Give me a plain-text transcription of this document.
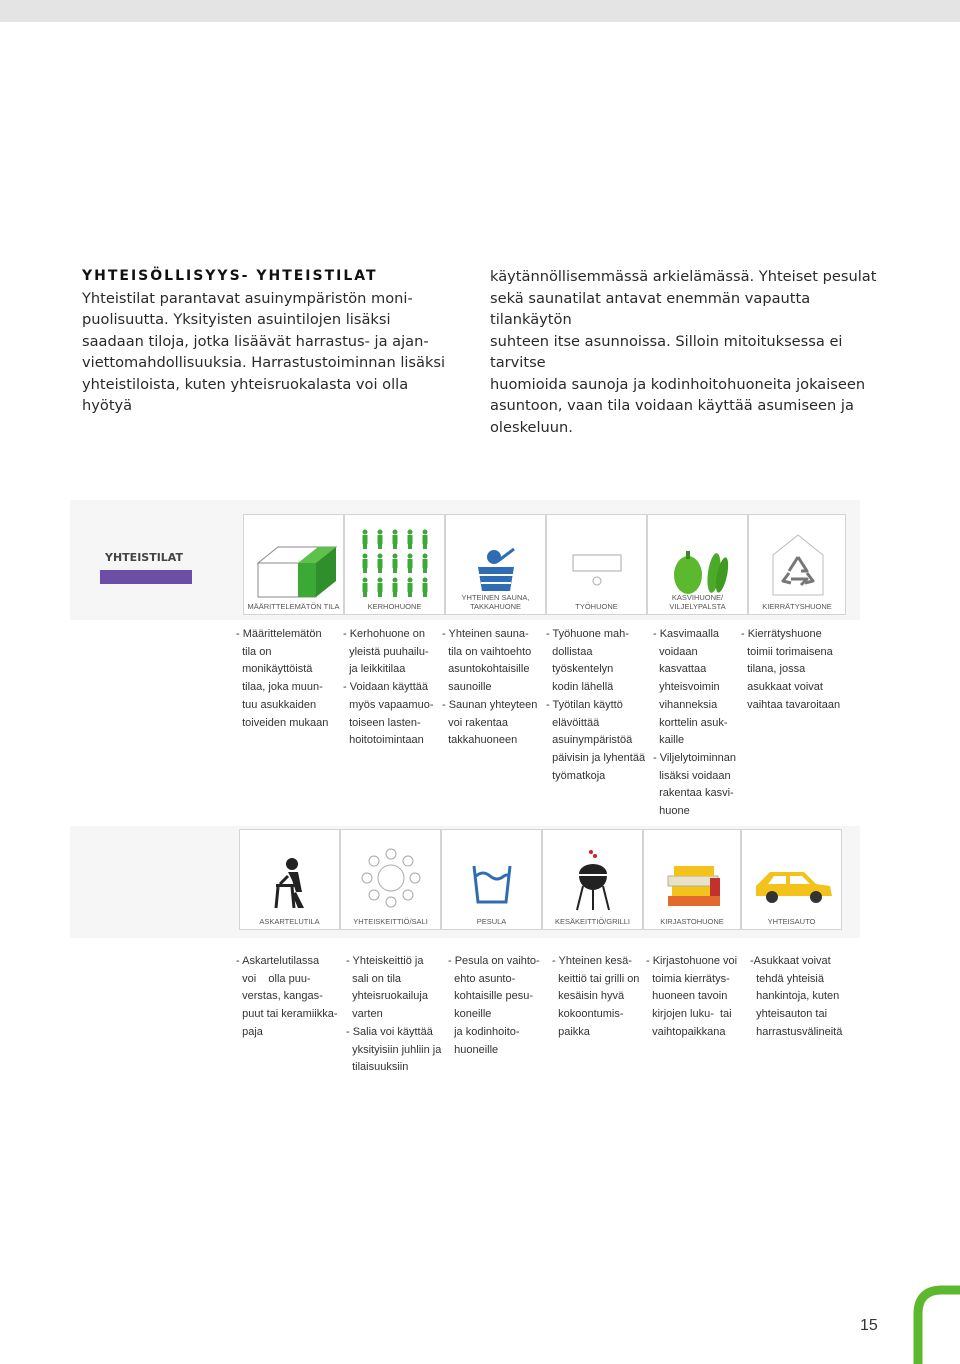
YHTEISÖLLISYYS- YHTEISTILAT

Yhteistilat parantavat asuinympäristön moni-
puolisuutta. Yksityisten asuintilojen lisäksi
saadaan tiloja, jotka lisäävät harrastus- ja ajan-
viettomahdollisuuksia. Harrastustoiminnan lisäksi
yhteistiloista, kuten yhteisruokalasta voi olla hyötyä

käytännöllisemmässä arkielämässä. Yhteiset pesulat
sekä saunatilat antavat enemmän vapautta tilankäytön
suhteen itse asunnoissa. Silloin mitoituksessa ei tarvitse
huomioida saunoja ja kodinhoitohuoneita jokaiseen
asuntoon, vaan tila voidaan käyttää asumiseen ja
oleskeluun.

YHTEISTILAT
MÄÄRITTELEMÄTÖN TILA	KERHOHUONE
YHTEINEN SAUNA,
TAKKAHUONE	TYÖHUONE
KASVIHUONE/
VILJELYPALSTA	KIERRÄTYSHUONE
- Määrittelemätön
tila on
monikäyttöistä
tilaa, joka muun-
tuu asukkaiden
toiveiden mukaan
- Kerhohuone on
yleistä puuhailu-
ja leikkitilaa
- Voidaan käyttää
myös vapaamuo-
toiseen lasten-
hoitotoimintaan
- Yhteinen sauna-
tila on vaihtoehto
asuntokohtaisille
saunoille
- Saunan yhteyteen
voi rakentaa
takkahuoneen
- Työhuone mah-
dollistaa
työskentelyn
kodin lähellä
- Työtilan käyttö
elävöittää
asuinympäristöä
päivisin ja lyhentää
työmatkoja
- Kasvimaalla
voidaan
kasvattaa
yhteisvoimin
vihanneksia
korttelin asuk-
kaille
- Viljelytoiminnan
lisäksi voidaan
rakentaa kasvi-
huone
- Kierrätyshuone
toimii torimaisena
tilana, jossa
asukkaat voivat
vaihtaa tavaroitaan
ASKARTELUTILA	YHTEISKEITTIÖ/SALI	PESULA	KESÄKEITTIÖ/GRILLI	KIRJASTOHUONE	YHTEISAUTO
- Askartelutilassa
voi    olla puu-
verstas, kangas-
puut tai keramiikka-
paja
- Yhteiskeittiö ja
sali on tila
yhteisruokailuja
varten
- Salia voi käyttää
yksityisiin juhliin ja
tilaisuuksiin
- Pesula on vaihto-
ehto asunto-
kohtaisille pesu-
koneille
ja kodinhoito-
huoneille
- Yhteinen kesä-
keittiö tai grilli on
kesäisin hyvä
kokoontumis-
paikka
- Kirjastohuone voi
toimia kierrätys-
huoneen tavoin
kirjojen luku-  tai
vaihtopaikkana
-Asukkaat voivat
tehdä yhteisiä
hankintoja, kuten
yhteisauton tai
harrastusvälineitä
15
